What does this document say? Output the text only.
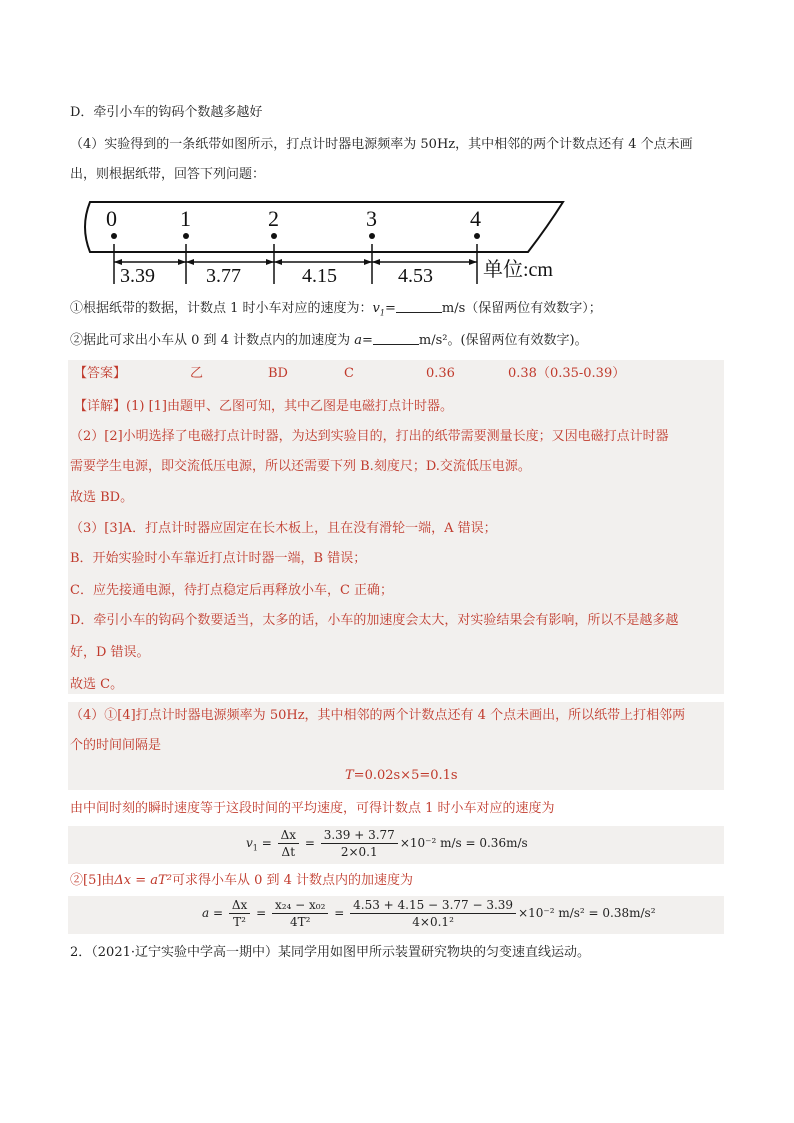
D．牵引小车的钩码个数越多越好
（4）实验得到的一条纸带如图所示，打点计时器电源频率为 50Hz，其中相邻的两个计数点还有 4 个点未画
出，则根据纸带，回答下列问题：
0	1	2	3	4
3.39	3.77	4.15	4.53	单位:cm
①根据纸带的数据，计数点 1 时小车对应的速度为：$v_1=$	m/s（保留两位有效数字）；
②据此可求出小车从 0 到 4 计数点内的加速度为 a=	m/s²。(保留两位有效数字)。
【答案】	乙	BD	C	0.36	0.38（0.35-0.39）
【详解】(1) [1]由题甲、乙图可知，其中乙图是电磁打点计时器。
（2）[2]小明选择了电磁打点计时器，为达到实验目的，打出的纸带需要测量长度；又因电磁打点计时器
需要学生电源，即交流低压电源，所以还需要下列 B.刻度尺；D.交流低压电源。
故选 BD。
（3）[3]A．打点计时器应固定在长木板上，且在没有滑轮一端，A 错误；
B．开始实验时小车靠近打点计时器一端，B 错误；
C．应先接通电源，待打点稳定后再释放小车，C 正确；
D．牵引小车的钩码个数要适当，太多的话，小车的加速度会太大，对实验结果会有影响，所以不是越多越
好，D 错误。
故选 C。
（4）①[4]打点计时器电源频率为 50Hz，其中相邻的两个计数点还有 4 个点未画出，所以纸带上打相邻两
个的时间间隔是
T=0.02s×5=0.1s
由中间时刻的瞬时速度等于这段时间的平均速度，可得计数点 1 时小车对应的速度为
$v_1 = \frac{\Delta x}{\Delta t} = \frac{3.39 + 3.77}{2\times 0.1} \times 10^{-2}$ m/s = 0.36m/s
②[5]由Δx = aT²可求得小车从 0 到 4 计数点内的加速度为
$a = \frac{\Delta x}{\text{T²}} = \frac{\text{x₂₄ − x₀₂}}{\text{4T²}} = \frac{4.53 + 4.15 - 3.77 - 3.39}{\text{4×0.1²}} \times 10^{-2}$ m/s² = 0.38m/s²
2．（2021·辽宁实验中学高一期中）某同学用如图甲所示装置研究物块的匀变速直线运动。
